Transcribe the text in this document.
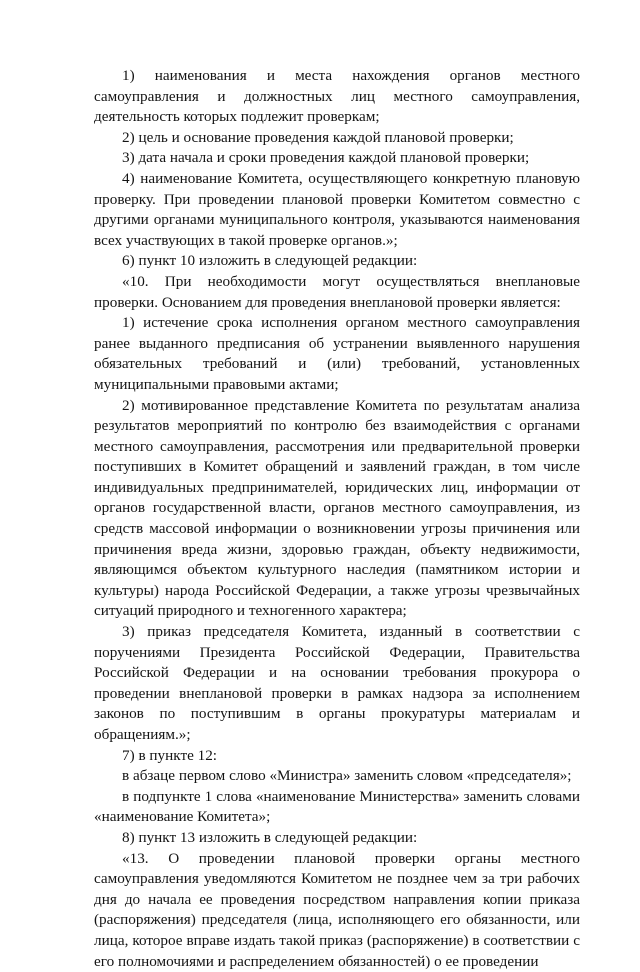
1) наименования и места нахождения органов местного самоуправления и должностных лиц местного самоуправления, деятельность которых подлежит проверкам;

2) цель и основание проведения каждой плановой проверки;

3) дата начала и сроки проведения каждой плановой проверки;

4) наименование Комитета, осуществляющего конкретную плановую проверку. При проведении плановой проверки Комитетом совместно с другими органами муниципального контроля, указываются наименования всех участвующих в такой проверке органов.»;

6) пункт 10 изложить в следующей редакции:

«10. При необходимости могут осуществляться внеплановые проверки. Основанием для проведения внеплановой проверки является:

1) истечение срока исполнения органом местного самоуправления ранее выданного предписания об устранении выявленного нарушения обязательных требований и (или) требований, установленных муниципальными правовыми актами;

2) мотивированное представление Комитета по результатам анализа результатов мероприятий по контролю без взаимодействия с органами местного самоуправления, рассмотрения или предварительной проверки поступивших в Комитет обращений и заявлений граждан, в том числе индивидуальных предпринимателей, юридических лиц, информации от органов государственной власти, органов местного самоуправления, из средств массовой информации о возникновении угрозы причинения или причинения вреда жизни, здоровью граждан, объекту недвижимости, являющимся объектом культурного наследия (памятником истории и культуры) народа Российской Федерации, а также угрозы чрезвычайных ситуаций природного и техногенного характера;

3) приказ председателя Комитета, изданный в соответствии с поручениями Президента Российской Федерации, Правительства Российской Федерации и на основании требования прокурора о проведении внеплановой проверки в рамках надзора за исполнением законов по поступившим в органы прокуратуры материалам и обращениям.»;

7) в пункте 12:

в абзаце первом слово «Министра» заменить словом «председателя»;

в подпункте 1 слова «наименование Министерства» заменить словами «наименование Комитета»;

8) пункт 13 изложить в следующей редакции:

«13. О проведении плановой проверки органы местного самоуправления уведомляются Комитетом не позднее чем за три рабочих дня до начала ее проведения посредством направления копии приказа (распоряжения) председателя (лица, исполняющего его обязанности, или лица, которое вправе издать такой приказ (распоряжение) в соответствии с его полномочиями и распределением обязанностей) о ее проведении
